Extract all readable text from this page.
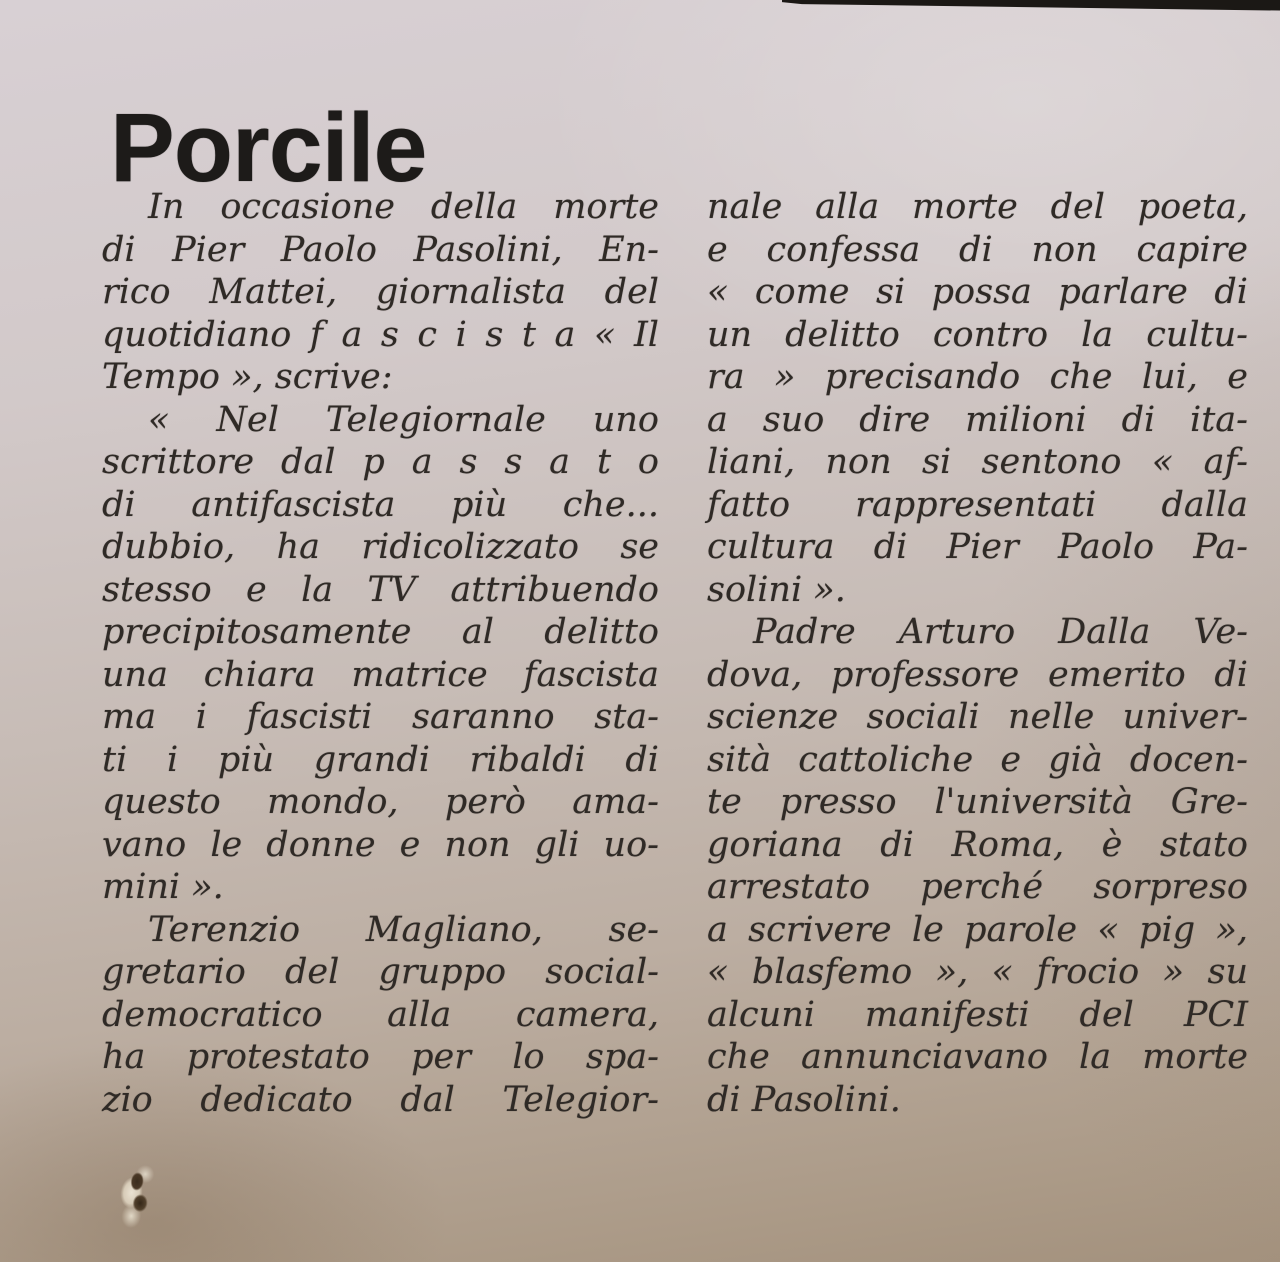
Porcile
In occasione della morte
di Pier Paolo Pasolini, En-
rico Mattei, giornalista del
quotidiano f a s c i s t a « Il
Tempo », scrive:
« Nel Telegiornale uno
scrittore dal p a s s a t o
di antifascista più che...
dubbio, ha ridicolizzato se
stesso e la TV attribuendo
precipitosamente al delitto
una chiara matrice fascista
ma i fascisti saranno sta-
ti i più grandi ribaldi di
questo mondo, però ama-
vano le donne e non gli uo-
mini ».
Terenzio Magliano, se-
gretario del gruppo social-
democratico alla camera,
ha protestato per lo spa-
zio dedicato dal Telegior-
nale alla morte del poeta,
e confessa di non capire
« come si possa parlare di
un delitto contro la cultu-
ra » precisando che lui, e
a suo dire milioni di ita-
liani, non si sentono « af-
fatto rappresentati dalla
cultura di Pier Paolo Pa-
solini ».
Padre Arturo Dalla Ve-
dova, professore emerito di
scienze sociali nelle univer-
sità cattoliche e già docen-
te presso l'università Gre-
goriana di Roma, è stato
arrestato perché sorpreso
a scrivere le parole « pig »,
« blasfemo », « frocio » su
alcuni manifesti del PCI
che annunciavano la morte
di Pasolini.
